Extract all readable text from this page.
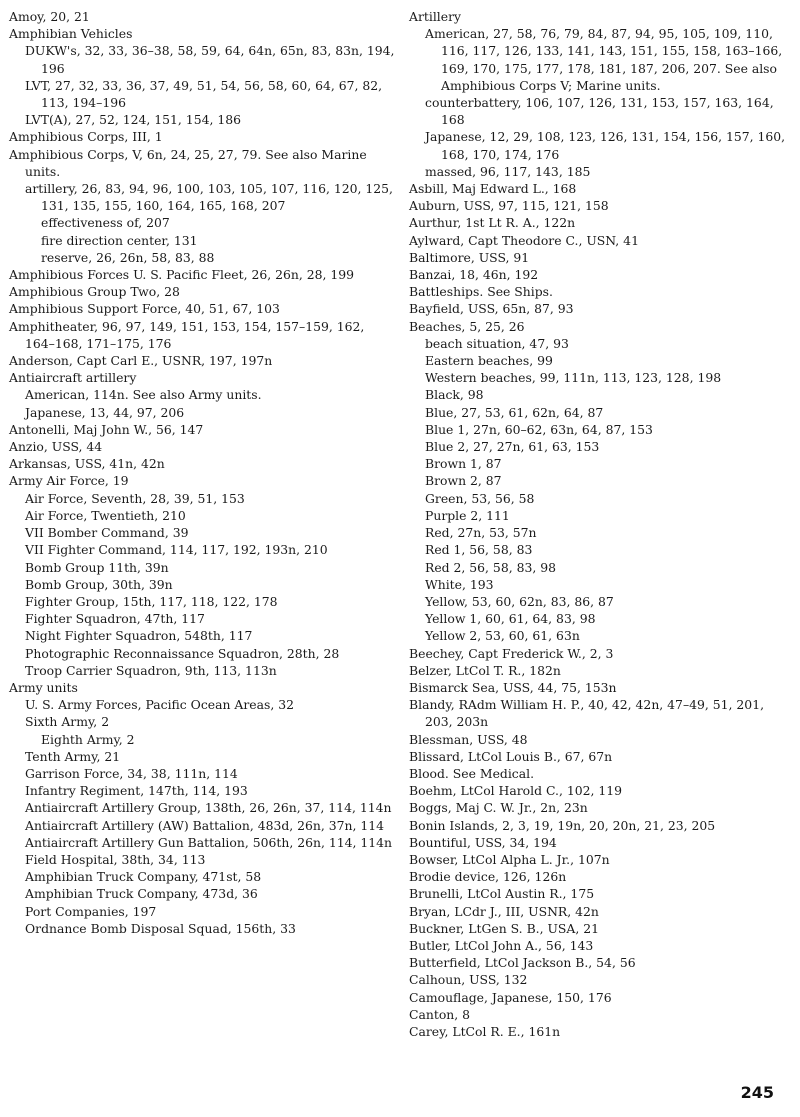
Amoy, 20, 21
Amphibian Vehicles
DUKW's, 32, 33, 36–38, 58, 59, 64, 64n, 65n, 83, 83n, 194, 196
LVT, 27, 32, 33, 36, 37, 49, 51, 54, 56, 58, 60, 64, 67, 82, 113, 194–196
LVT(A), 27, 52, 124, 151, 154, 186
Amphibious Corps, III, 1
Amphibious Corps, V, 6n, 24, 25, 27, 79. See also Marine units.
artillery, 26, 83, 94, 96, 100, 103, 105, 107, 116, 120, 125, 131, 135, 155, 160, 164, 165, 168, 207
effectiveness of, 207
fire direction center, 131
reserve, 26, 26n, 58, 83, 88
Amphibious Forces U. S. Pacific Fleet, 26, 26n, 28, 199
Amphibious Group Two, 28
Amphibious Support Force, 40, 51, 67, 103
Amphitheater, 96, 97, 149, 151, 153, 154, 157–159, 162, 164–168, 171–175, 176
Anderson, Capt Carl E., USNR, 197, 197n
Antiaircraft artillery
American, 114n. See also Army units.
Japanese, 13, 44, 97, 206
Antonelli, Maj John W., 56, 147
Anzio, USS, 44
Arkansas, USS, 41n, 42n
Army Air Force, 19
Air Force, Seventh, 28, 39, 51, 153
Air Force, Twentieth, 210
VII Bomber Command, 39
VII Fighter Command, 114, 117, 192, 193n, 210
Bomb Group 11th, 39n
Bomb Group, 30th, 39n
Fighter Group, 15th, 117, 118, 122, 178
Fighter Squadron, 47th, 117
Night Fighter Squadron, 548th, 117
Photographic Reconnaissance Squadron, 28th, 28
Troop Carrier Squadron, 9th, 113, 113n
Army units
U. S. Army Forces, Pacific Ocean Areas, 32
Sixth Army, 2
Eighth Army, 2
Tenth Army, 21
Garrison Force, 34, 38, 111n, 114
Infantry Regiment, 147th, 114, 193
Antiaircraft Artillery Group, 138th, 26, 26n, 37, 114, 114n
Antiaircraft Artillery (AW) Battalion, 483d, 26n, 37n, 114
Antiaircraft Artillery Gun Battalion, 506th, 26n, 114, 114n
Field Hospital, 38th, 34, 113
Amphibian Truck Company, 471st, 58
Amphibian Truck Company, 473d, 36
Port Companies, 197
Ordnance Bomb Disposal Squad, 156th, 33
Artillery
American, 27, 58, 76, 79, 84, 87, 94, 95, 105, 109, 110, 116, 117, 126, 133, 141, 143, 151, 155, 158, 163–166, 169, 170, 175, 177, 178, 181, 187, 206, 207. See also Amphibious Corps V; Marine units.
counterbattery, 106, 107, 126, 131, 153, 157, 163, 164, 168
Japanese, 12, 29, 108, 123, 126, 131, 154, 156, 157, 160, 168, 170, 174, 176
massed, 96, 117, 143, 185
Asbill, Maj Edward L., 168
Auburn, USS, 97, 115, 121, 158
Aurthur, 1st Lt R. A., 122n
Aylward, Capt Theodore C., USN, 41
Baltimore, USS, 91
Banzai, 18, 46n, 192
Battleships. See Ships.
Bayfield, USS, 65n, 87, 93
Beaches, 5, 25, 26
beach situation, 47, 93
Eastern beaches, 99
Western beaches, 99, 111n, 113, 123, 128, 198
Black, 98
Blue, 27, 53, 61, 62n, 64, 87
Blue 1, 27n, 60–62, 63n, 64, 87, 153
Blue 2, 27, 27n, 61, 63, 153
Brown 1, 87
Brown 2, 87
Green, 53, 56, 58
Purple 2, 111
Red, 27n, 53, 57n
Red 1, 56, 58, 83
Red 2, 56, 58, 83, 98
White, 193
Yellow, 53, 60, 62n, 83, 86, 87
Yellow 1, 60, 61, 64, 83, 98
Yellow 2, 53, 60, 61, 63n
Beechey, Capt Frederick W., 2, 3
Belzer, LtCol T. R., 182n
Bismarck Sea, USS, 44, 75, 153n
Blandy, RAdm William H. P., 40, 42, 42n, 47–49, 51, 201, 203, 203n
Blessman, USS, 48
Blissard, LtCol Louis B., 67, 67n
Blood. See Medical.
Boehm, LtCol Harold C., 102, 119
Boggs, Maj C. W. Jr., 2n, 23n
Bonin Islands, 2, 3, 19, 19n, 20, 20n, 21, 23, 205
Bountiful, USS, 34, 194
Bowser, LtCol Alpha L. Jr., 107n
Brodie device, 126, 126n
Brunelli, LtCol Austin R., 175
Bryan, LCdr J., III, USNR, 42n
Buckner, LtGen S. B., USA, 21
Butler, LtCol John A., 56, 143
Butterfield, LtCol Jackson B., 54, 56
Calhoun, USS, 132
Camouflage, Japanese, 150, 176
Canton, 8
Carey, LtCol R. E., 161n
245
